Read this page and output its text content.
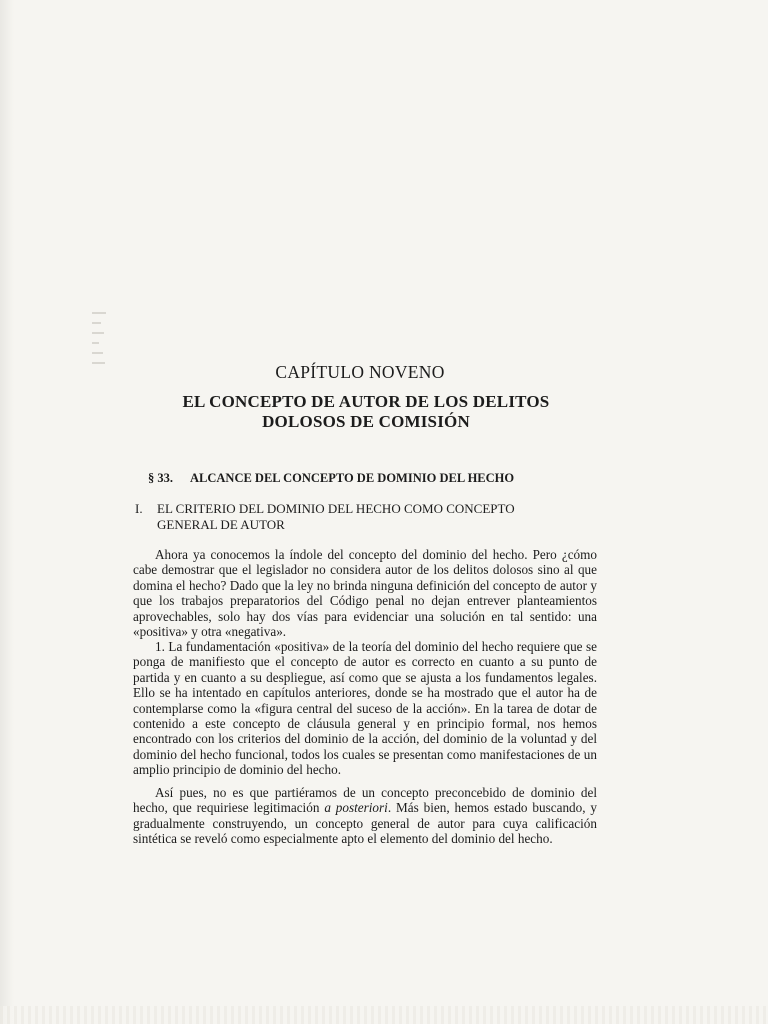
CAPÍTULO NOVENO
EL CONCEPTO DE AUTOR DE LOS DELITOS DOLOSOS DE COMISIÓN
§ 33. ALCANCE DEL CONCEPTO DE DOMINIO DEL HECHO
I. EL CRITERIO DEL DOMINIO DEL HECHO COMO CONCEPTO GENERAL DE AUTOR

Ahora ya conocemos la índole del concepto del dominio del hecho. Pero ¿cómo cabe demostrar que el legislador no considera autor de los delitos dolosos sino al que domina el hecho? Dado que la ley no brinda ninguna definición del concepto de autor y que los trabajos preparatorios del Código penal no dejan entrever planteamientos aprovechables, solo hay dos vías para evidenciar una solución en tal sentido: una «positiva» y otra «negativa».

1. La fundamentación «positiva» de la teoría del dominio del hecho requiere que se ponga de manifiesto que el concepto de autor es correcto en cuanto a su punto de partida y en cuanto a su despliegue, así como que se ajusta a los fundamentos legales. Ello se ha intentado en capítulos anteriores, donde se ha mostrado que el autor ha de contemplarse como la «figura central del suceso de la acción». En la tarea de dotar de contenido a este concepto de cláusula general y en principio formal, nos hemos encontrado con los criterios del dominio de la acción, del dominio de la voluntad y del dominio del hecho funcional, todos los cuales se presentan como manifestaciones de un amplio principio de dominio del hecho.

Así pues, no es que partiéramos de un concepto preconcebido de dominio del hecho, que requiriese legitimación a posteriori. Más bien, hemos estado buscando, y gradualmente construyendo, un concepto general de autor para cuya calificación sintética se reveló como especialmente apto el elemento del dominio del hecho.
